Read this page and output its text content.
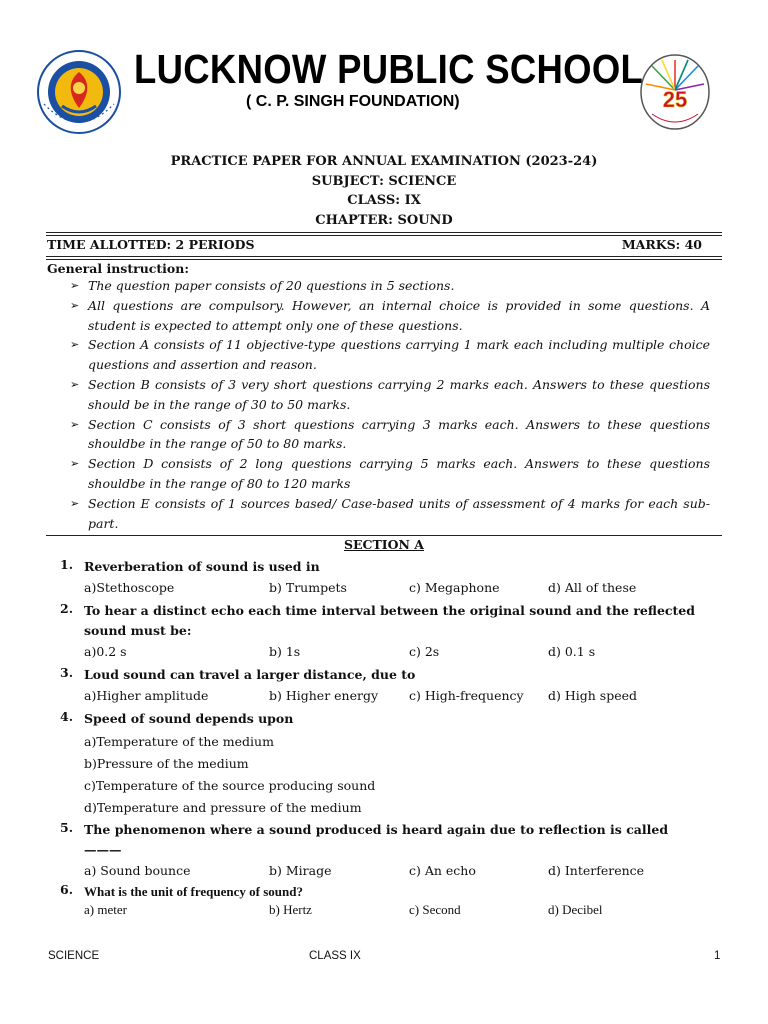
LUCKNOW PUBLIC SCHOOL
( C. P. SINGH FOUNDATION)	25
PRACTICE PAPER FOR ANNUAL EXAMINATION (2023-24)
SUBJECT: SCIENCE
CLASS: IX
CHAPTER: SOUND
TIME ALLOTTED: 2 PERIODS	MARKS: 40
General instruction:
➢ The question paper consists of 20 questions in 5 sections.
➢ All questions are compulsory. However, an internal choice is provided in some questions. A student is expected to attempt only one of these questions.
➢ Section A consists of 11 objective-type questions carrying 1 mark each including multiple choice questions and assertion and reason.
➢ Section B consists of 3 very short questions carrying 2 marks each. Answers to these questions should be in the range of 30 to 50 marks.
➢ Section C consists of 3 short questions carrying 3 marks each. Answers to these questions shouldbe in the range of 50 to 80 marks.
➢ Section D consists of 2 long questions carrying 5 marks each. Answers to these questions shouldbe in the range of 80 to 120 marks
➢ Section E consists of 1 sources based/ Case-based units of assessment of 4 marks for each sub-part.
SECTION A
1. Reverberation of sound is used in
a)Stethoscope	b) Trumpets	c) Megaphone	d) All of these
2. To hear a distinct echo each time interval between the original sound and the reflected sound must be:
a)0.2 s	b) 1s	c) 2s	d) 0.1 s
3. Loud sound can travel a larger distance, due to
a)Higher amplitude	b) Higher energy c) High-frequency d) High speed
4. Speed of sound depends upon
a)Temperature of the medium
b)Pressure of the medium
c)Temperature of the source producing sound
d)Temperature and pressure of the medium
5. The phenomenon where a sound produced is heard again due to reflection is called ———
a) Sound bounce	b) Mirage	c) An echo	d) Interference
6. What is the unit of frequency of sound?
a) meter	b) Hertz	c) Second	d) Decibel
SCIENCE	CLASS IX	1
